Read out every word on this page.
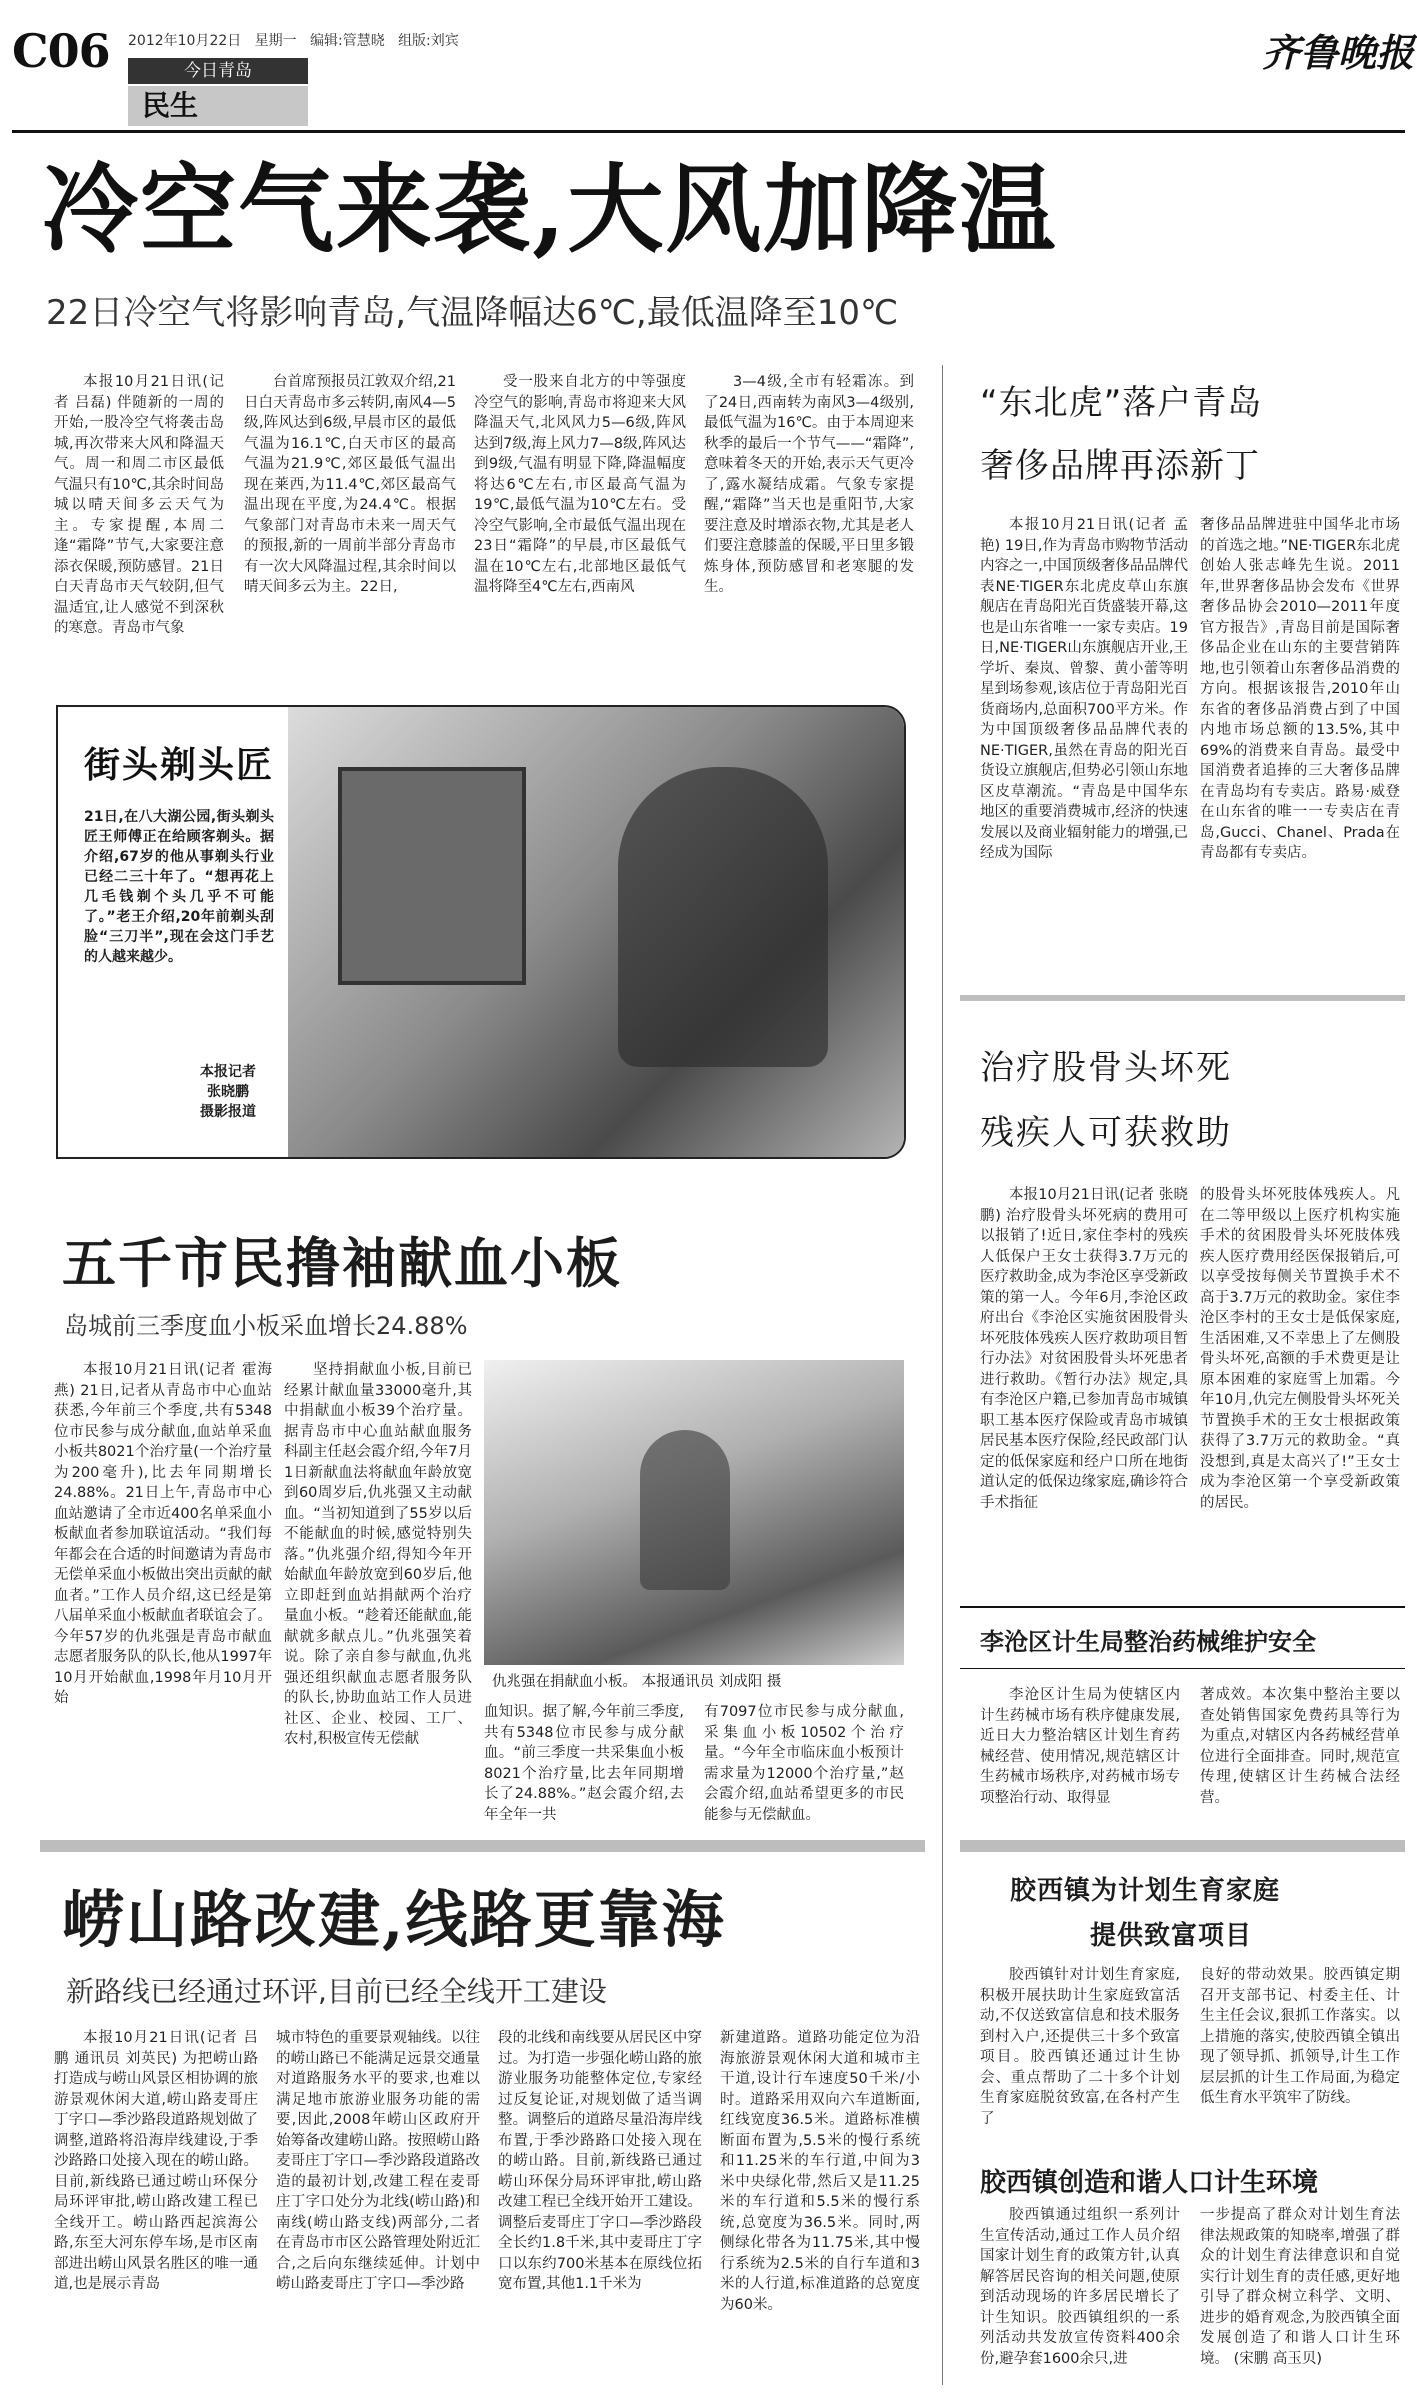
C06 2012年10月22日 星期一 编辑:管慧晓 组版:刘宾
今日青岛
民生
齐鲁晚报
冷空气来袭,大风加降温
22日冷空气将影响青岛,气温降幅达6℃,最低温降至10℃

本报10月21日讯(记者 吕磊) 伴随新的一周的开始,一股冷空气将袭击岛城,再次带来大风和降温天气。周一和周二市区最低气温只有10℃,其余时间岛城以晴天间多云天气为主。专家提醒,本周二逢“霜降”节气,大家要注意添衣保暖,预防感冒。21日白天青岛市天气较阴,但气温适宜,让人感觉不到深秋的寒意。青岛市气象

台首席预报员江敦双介绍,21日白天青岛市多云转阴,南风4—5级,阵风达到6级,早晨市区的最低气温为16.1℃,白天市区的最高气温为21.9℃,郊区最低气温出现在莱西,为11.4℃,郊区最高气温出现在平度,为24.4℃。根据气象部门对青岛市未来一周天气的预报,新的一周前半部分青岛市有一次大风降温过程,其余时间以晴天间多云为主。22日,

受一股来自北方的中等强度冷空气的影响,青岛市将迎来大风降温天气,北风风力5—6级,阵风达到7级,海上风力7—8级,阵风达到9级,气温有明显下降,降温幅度将达6℃左右,市区最高气温为19℃,最低气温为10℃左右。受冷空气影响,全市最低气温出现在23日“霜降”的早晨,市区最低气温在10℃左右,北部地区最低气温将降至4℃左右,西南风

3—4级,全市有轻霜冻。到了24日,西南转为南风3—4级别,最低气温为16℃。由于本周迎来秋季的最后一个节气——“霜降”,意味着冬天的开始,表示天气更冷了,露水凝结成霜。气象专家提醒,“霜降”当天也是重阳节,大家要注意及时增添衣物,尤其是老人们要注意膝盖的保暖,平日里多锻炼身体,预防感冒和老寒腿的发生。

街头剃头匠
21日,在八大湖公园,街头剃头匠王师傅正在给顾客剃头。据介绍,67岁的他从事剃头行业已经二三十年了。“想再花上几毛钱剃个头几乎不可能了。”老王介绍,20年前剃头刮脸“三刀半”,现在会这门手艺的人越来越少。
本报记者
张晓鹏
摄影报道
五千市民撸袖献血小板
岛城前三季度血小板采血增长24.88%

本报10月21日讯(记者 霍海燕) 21日,记者从青岛市中心血站获悉,今年前三个季度,共有5348位市民参与成分献血,血站单采血小板共8021个治疗量(一个治疗量为200毫升),比去年同期增长24.88%。21日上午,青岛市中心血站邀请了全市近400名单采血小板献血者参加联谊活动。“我们每年都会在合适的时间邀请为青岛市无偿单采血小板做出突出贡献的献血者。”工作人员介绍,这已经是第八届单采血小板献血者联谊会了。今年57岁的仇兆强是青岛市献血志愿者服务队的队长,他从1997年10月开始献血,1998年月10月开始

坚持捐献血小板,目前已经累计献血量33000毫升,其中捐献血小板39个治疗量。据青岛市中心血站献血服务科副主任赵会霞介绍,今年7月1日新献血法将献血年龄放宽到60周岁后,仇兆强又主动献血。“当初知道到了55岁以后不能献血的时候,感觉特别失落。”仇兆强介绍,得知今年开始献血年龄放宽到60岁后,他立即赶到血站捐献两个治疗量血小板。“趁着还能献血,能献就多献点儿。”仇兆强笑着说。除了亲自参与献血,仇兆强还组织献血志愿者服务队的队长,协助血站工作人员进社区、企业、校园、工厂、农村,积极宣传无偿献

仇兆强在捐献血小板。 本报通讯员 刘成阳 摄

血知识。据了解,今年前三季度,共有5348位市民参与成分献血。“前三季度一共采集血小板8021个治疗量,比去年同期增长了24.88%。”赵会霞介绍,去年全年一共

有7097位市民参与成分献血,采集血小板10502个治疗量。“今年全市临床血小板预计需求量为12000个治疗量,”赵会霞介绍,血站希望更多的市民能参与无偿献血。

崂山路改建,线路更靠海
新路线已经通过环评,目前已经全线开工建设

本报10月21日讯(记者 吕鹏 通讯员 刘英民) 为把崂山路打造成与崂山风景区相协调的旅游景观休闲大道,崂山路麦哥庄丁字口—季沙路段道路规划做了调整,道路将沿海岸线建设,于季沙路路口处接入现在的崂山路。目前,新线路已通过崂山环保分局环评审批,崂山路改建工程已全线开工。崂山路西起滨海公路,东至大河东停车场,是市区南部进出崂山风景名胜区的唯一通道,也是展示青岛

城市特色的重要景观轴线。以往的崂山路已不能满足远景交通量对道路服务水平的要求,也难以满足地市旅游业服务功能的需要,因此,2008年崂山区政府开始筹备改建崂山路。按照崂山路麦哥庄丁字口—季沙路段道路改造的最初计划,改建工程在麦哥庄丁字口处分为北线(崂山路)和南线(崂山路支线)两部分,二者在青岛市市区公路管理处附近汇合,之后向东继续延伸。计划中崂山路麦哥庄丁字口—季沙路

段的北线和南线要从居民区中穿过。为打造一步强化崂山路的旅游业服务功能整体定位,专家经过反复论证,对规划做了适当调整。调整后的道路尽量沿海岸线布置,于季沙路路口处接入现在的崂山路。目前,新线路已通过崂山环保分局环评审批,崂山路改建工程已全线开始开工建设。调整后麦哥庄丁字口—季沙路段全长约1.8千米,其中麦哥庄丁字口以东约700米基本在原线位拓宽布置,其他1.1千米为

新建道路。道路功能定位为沿海旅游景观休闲大道和城市主干道,设计行车速度50千米/小时。道路采用双向六车道断面,红线宽度36.5米。道路标准横断面布置为,5.5米的慢行系统和11.25米的车行道,中间为3米中央绿化带,然后又是11.25米的车行道和5.5米的慢行系统,总宽度为36.5米。同时,两侧绿化带各为11.75米,其中慢行系统为2.5米的自行车道和3米的人行道,标准道路的总宽度为60米。

“东北虎”落户青岛
奢侈品牌再添新丁

本报10月21日讯(记者 孟艳) 19日,作为青岛市购物节活动内容之一,中国顶级奢侈品品牌代表NE·TIGER东北虎皮草山东旗舰店在青岛阳光百货盛装开幕,这也是山东省唯一一家专卖店。19日,NE·TIGER山东旗舰店开业,王学圻、秦岚、曾黎、黄小蕾等明星到场参观,该店位于青岛阳光百货商场内,总面积700平方米。作为中国顶级奢侈品品牌代表的NE·TIGER,虽然在青岛的阳光百货设立旗舰店,但势必引领山东地区皮草潮流。“青岛是中国华东地区的重要消费城市,经济的快速发展以及商业辐射能力的增强,已经成为国际

奢侈品品牌进驻中国华北市场的首选之地。”NE·TIGER东北虎创始人张志峰先生说。2011年,世界奢侈品协会发布《世界奢侈品协会2010—2011年度官方报告》,青岛目前是国际奢侈品企业在山东的主要营销阵地,也引领着山东奢侈品消费的方向。根据该报告,2010年山东省的奢侈品消费占到了中国内地市场总额的13.5%,其中69%的消费来自青岛。最受中国消费者追捧的三大奢侈品牌在青岛均有专卖店。路易·威登在山东省的唯一一专卖店在青岛,Gucci、Chanel、Prada在青岛都有专卖店。

治疗股骨头坏死
残疾人可获救助

本报10月21日讯(记者 张晓鹏) 治疗股骨头坏死病的费用可以报销了!近日,家住李村的残疾人低保户王女士获得3.7万元的医疗救助金,成为李沧区享受新政策的第一人。今年6月,李沧区政府出台《李沧区实施贫困股骨头坏死肢体残疾人医疗救助项目暂行办法》对贫困股骨头坏死患者进行救助。《暂行办法》规定,具有李沧区户籍,已参加青岛市城镇职工基本医疗保险或青岛市城镇居民基本医疗保险,经民政部门认定的低保家庭和经户口所在地街道认定的低保边缘家庭,确诊符合手术指征

的股骨头坏死肢体残疾人。凡在二等甲级以上医疗机构实施手术的贫困股骨头坏死肢体残疾人医疗费用经医保报销后,可以享受按每侧关节置换手术不高于3.7万元的救助金。家住李沧区李村的王女士是低保家庭,生活困难,又不幸患上了左侧股骨头坏死,高额的手术费更是让原本困难的家庭雪上加霜。今年10月,仇完左侧股骨头坏死关节置换手术的王女士根据政策获得了3.7万元的救助金。“真没想到,真是太高兴了!”王女士成为李沧区第一个享受新政策的居民。

李沧区计生局整治药械维护安全

李沧区计生局为使辖区内计生药械市场有秩序健康发展,近日大力整治辖区计划生育药械经营、使用情况,规范辖区计生药械市场秩序,对药械市场专项整治行动、取得显

著成效。本次集中整治主要以查处销售国家免费药具等行为为重点,对辖区内各药械经营单位进行全面排查。同时,规范宣传理,使辖区计生药械合法经营。

胶西镇为计划生育家庭
提供致富项目

胶西镇针对计划生育家庭,积极开展扶助计生家庭致富活动,不仅送致富信息和技术服务到村入户,还提供三十多个致富项目。胶西镇还通过计生协会、重点帮助了二十多个计划生育家庭脱贫致富,在各村产生了

良好的带动效果。胶西镇定期召开支部书记、村委主任、计生主任会议,狠抓工作落实。以上措施的落实,使胶西镇全镇出现了领导抓、抓领导,计生工作层层抓的计生工作局面,为稳定低生育水平筑牢了防线。

胶西镇创造和谐人口计生环境

胶西镇通过组织一系列计生宣传活动,通过工作人员介绍国家计划生育的政策方针,认真解答居民咨询的相关问题,使原到活动现场的许多居民增长了计生知识。胶西镇组织的一系列活动共发放宣传资料400余份,避孕套1600余只,进

一步提高了群众对计划生育法律法规政策的知晓率,增强了群众的计划生育法律意识和自觉实行计划生育的责任感,更好地引导了群众树立科学、文明、进步的婚育观念,为胶西镇全面发展创造了和谐人口计生环境。 (宋鹏 高玉贝)
